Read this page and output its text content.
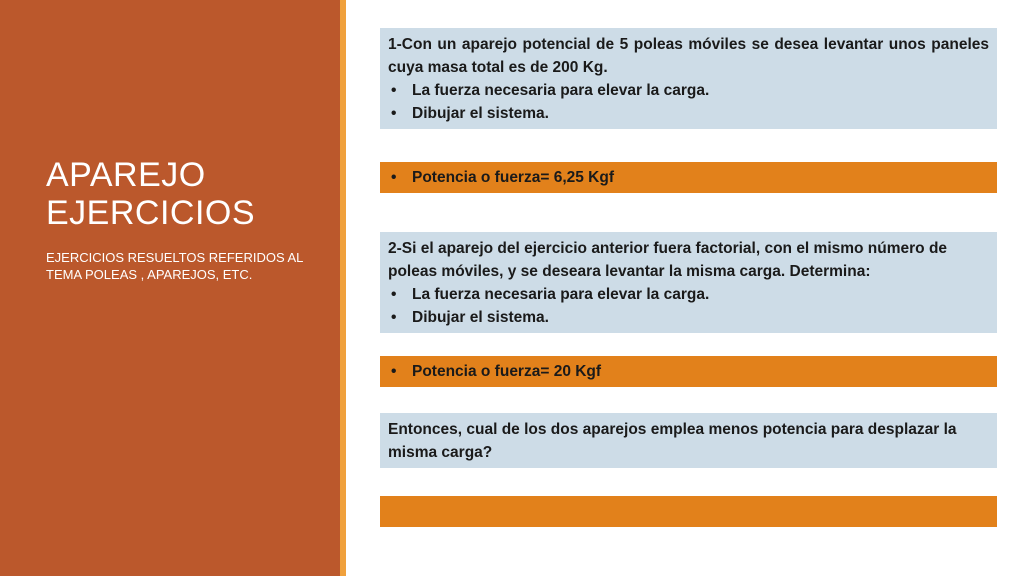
APAREJO
EJERCICIOS

EJERCICIOS RESUELTOS REFERIDOS AL TEMA POLEAS , APAREJOS, ETC.

1-Con un aparejo potencial de 5 poleas móviles se desea levantar unos paneles cuya masa total es de 200 Kg.

• La fuerza necesaria para elevar la carga.
• Dibujar el sistema.
• Potencia o fuerza= 6,25 Kgf

2-Si el aparejo del ejercicio anterior fuera factorial, con el mismo número de poleas móviles, y se deseara levantar la misma carga. Determina:

• La fuerza necesaria para elevar la carga.
• Dibujar el sistema.
• Potencia o fuerza= 20 Kgf

Entonces, cual de los dos aparejos emplea menos potencia para desplazar la misma carga?
